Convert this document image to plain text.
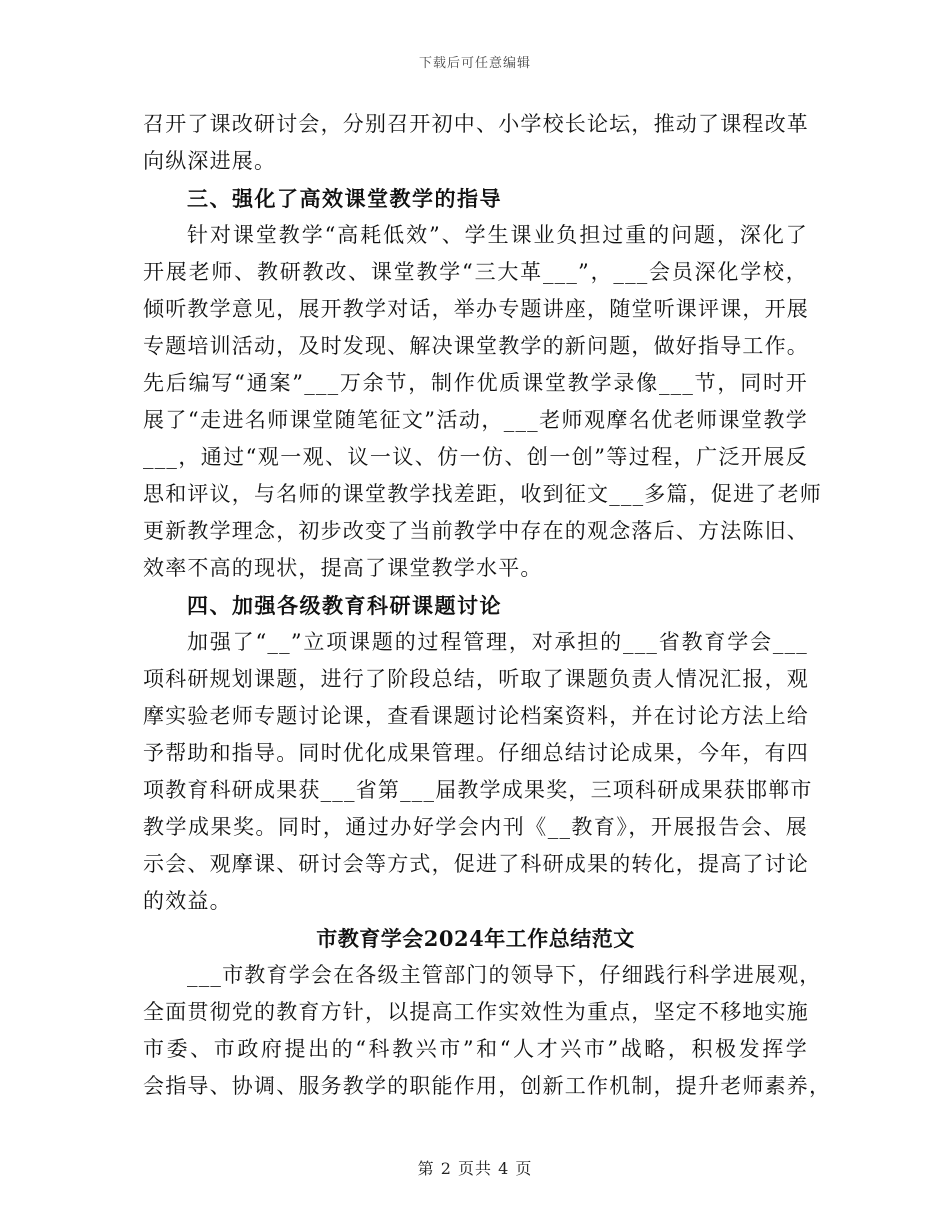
下载后可任意编辑
召开了课改研讨会，分别召开初中、小学校长论坛，推动了课程改革
向纵深进展。
三、强化了高效课堂教学的指导
针对课堂教学“高耗低效”、学生课业负担过重的问题，深化了
开展老师、教研教改、课堂教学“三大革___”，___会员深化学校，
倾听教学意见，展开教学对话，举办专题讲座，随堂听课评课，开展
专题培训活动，及时发现、解决课堂教学的新问题，做好指导工作。
先后编写“通案”___万余节，制作优质课堂教学录像___节，同时开
展了“走进名师课堂随笔征文”活动，___老师观摩名优老师课堂教学
___，通过“观一观、议一议、仿一仿、创一创”等过程，广泛开展反
思和评议，与名师的课堂教学找差距，收到征文___多篇，促进了老师
更新教学理念，初步改变了当前教学中存在的观念落后、方法陈旧、
效率不高的现状，提高了课堂教学水平。
四、加强各级教育科研课题讨论
加强了“__”立项课题的过程管理，对承担的___省教育学会___
项科研规划课题，进行了阶段总结，听取了课题负责人情况汇报，观
摩实验老师专题讨论课，查看课题讨论档案资料，并在讨论方法上给
予帮助和指导。同时优化成果管理。仔细总结讨论成果，今年，有四
项教育科研成果获___省第___届教学成果奖，三项科研成果获邯郸市
教学成果奖。同时，通过办好学会内刊《__教育》，开展报告会、展
示会、观摩课、研讨会等方式，促进了科研成果的转化，提高了讨论
的效益。
市教育学会2024年工作总结范文
___市教育学会在各级主管部门的领导下，仔细践行科学进展观，
全面贯彻党的教育方针，以提高工作实效性为重点，坚定不移地实施
市委、市政府提出的“科教兴市”和“人才兴市”战略，积极发挥学
会指导、协调、服务教学的职能作用，创新工作机制，提升老师素养，
第 2 页共 4 页
